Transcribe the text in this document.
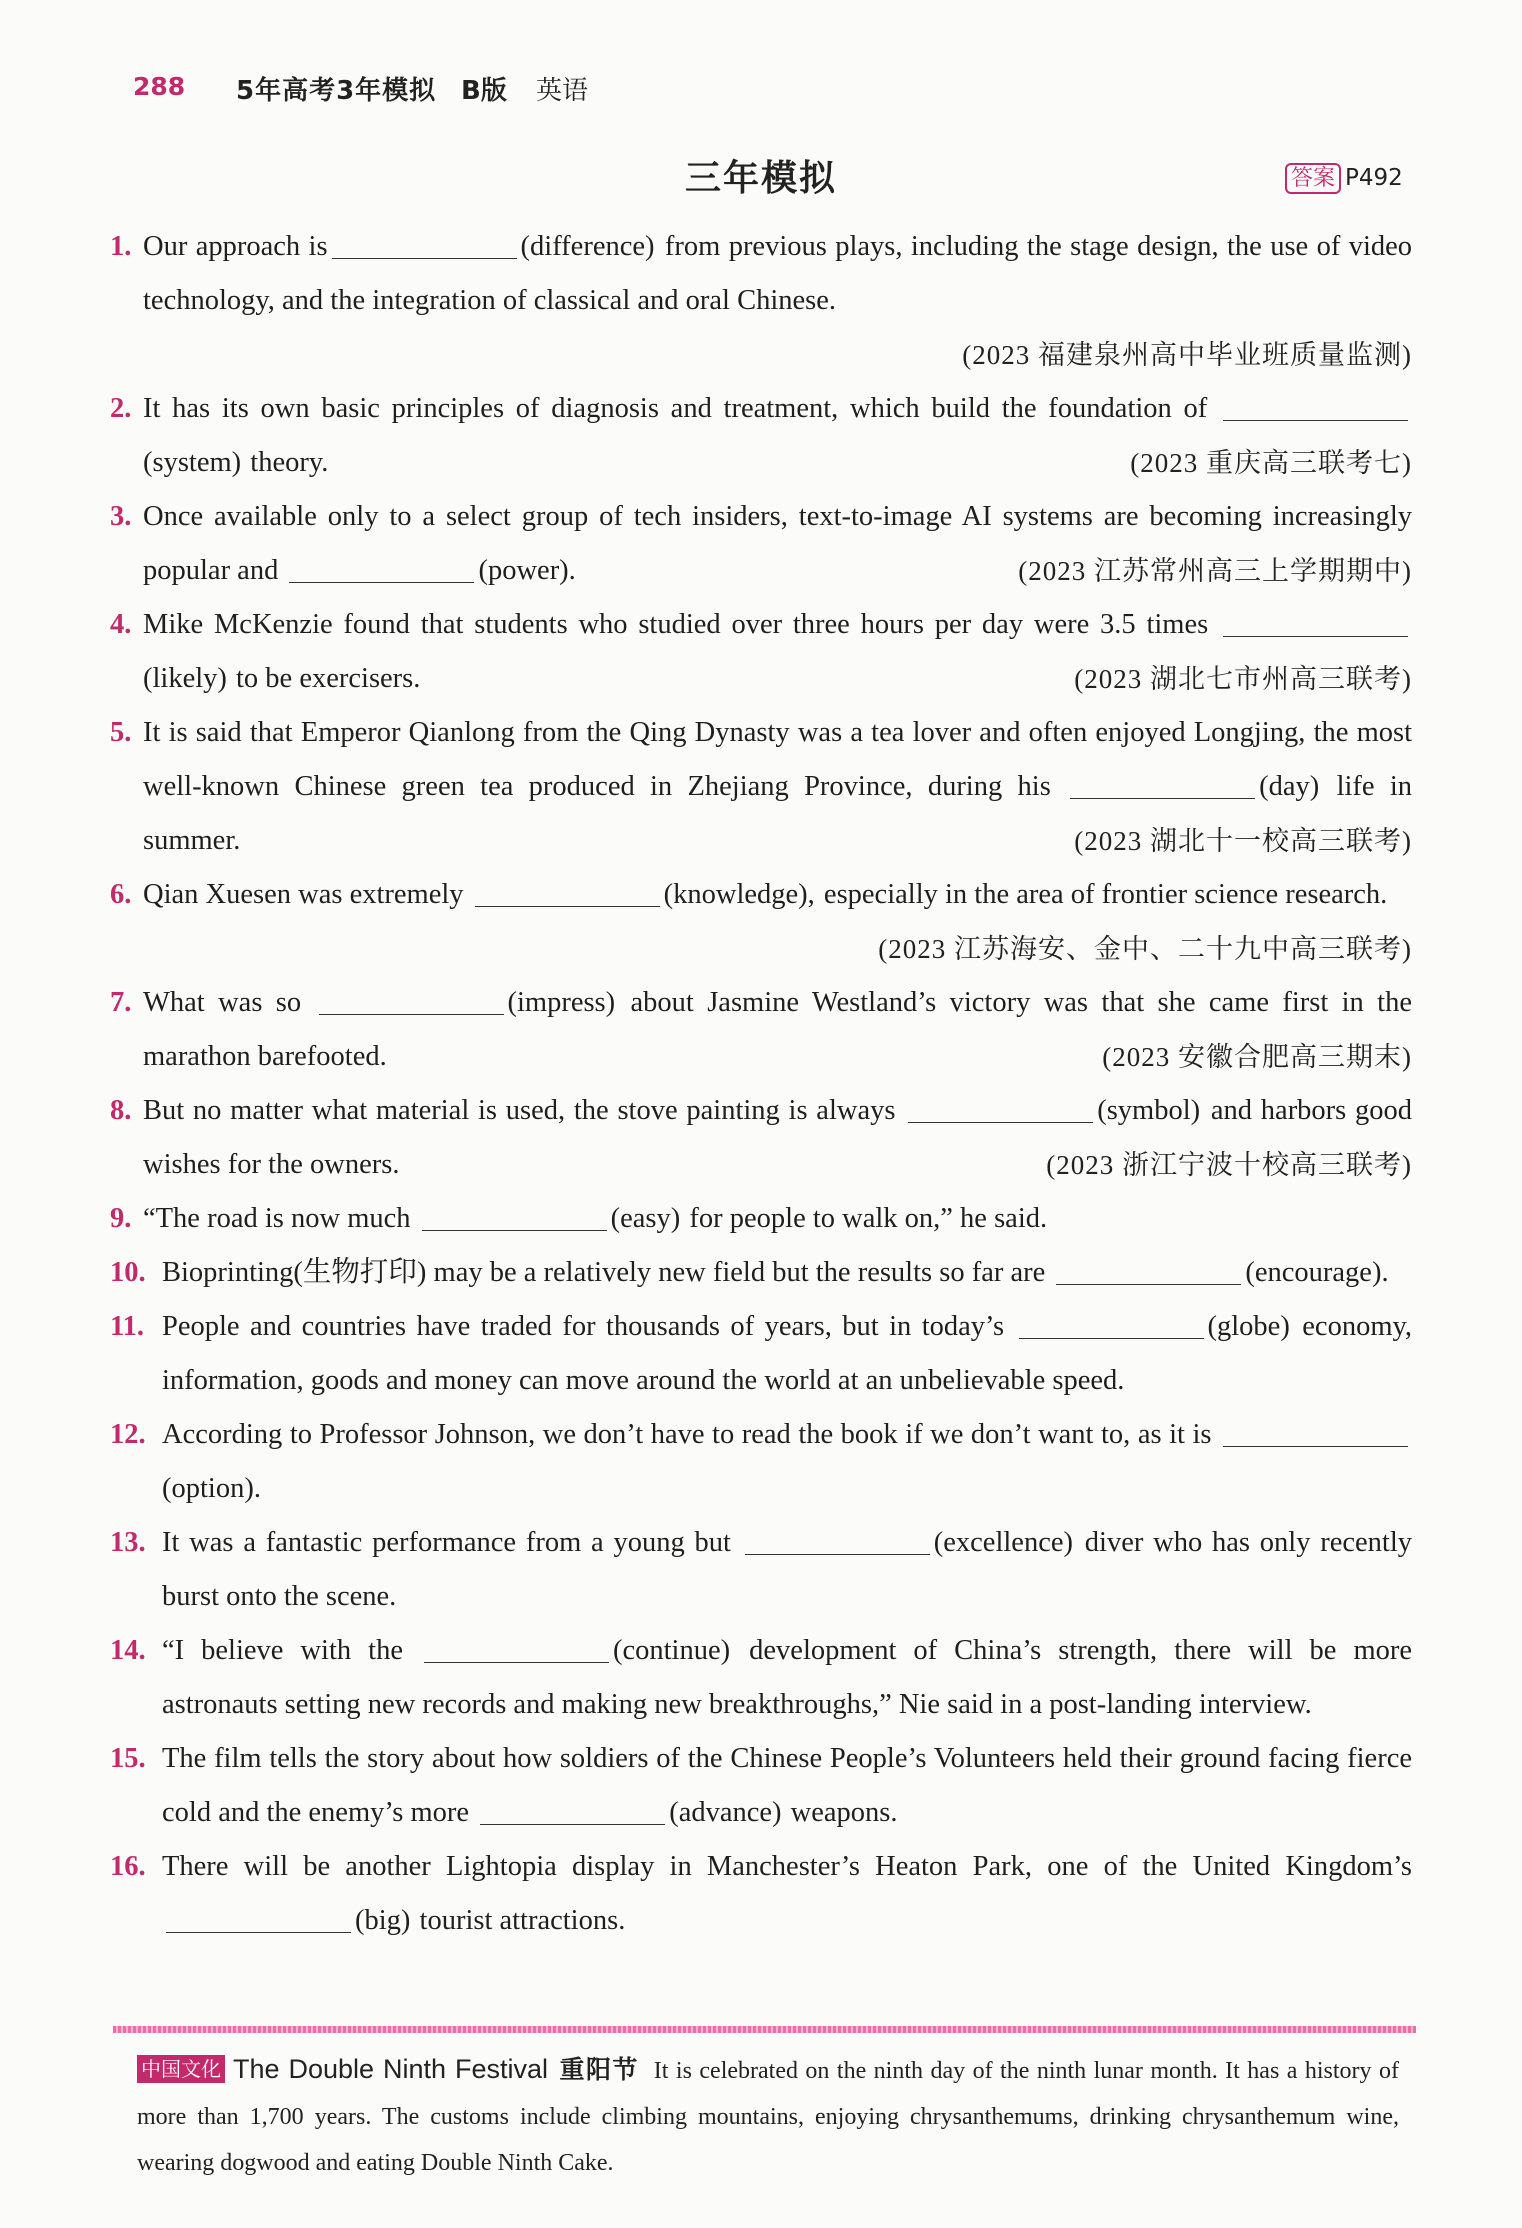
288 5年高考3年模拟 B版 英语
三年模拟	答案 P492
1. Our approach is	(difference) from previous plays, including the stage design, the use of video technology, and the integration of classical and oral Chinese.
(2023 福建泉州高中毕业班质量监测)
2. It has its own basic principles of diagnosis and treatment, which build the foundation of (system) theory.	(2023 重庆高三联考七)
3. Once available only to a select group of tech insiders, text-to-image AI systems are becoming increasingly popular and	(power).	(2023 江苏常州高三上学期期中)
4. Mike McKenzie found that students who studied over three hours per day were 3.5 times (likely) to be exercisers.	(2023 湖北七市州高三联考)
5. It is said that Emperor Qianlong from the Qing Dynasty was a tea lover and often enjoyed Longjing, the most well-known Chinese green tea produced in Zhejiang Province, during his	(day) life in summer.	(2023 湖北十一校高三联考)
6. Qian Xuesen was extremely	(knowledge), especially in the area of frontier science research.
(2023 江苏海安、金中、二十九中高三联考)
7. What was so	(impress) about Jasmine Westland’s victory was that she came first in the marathon barefooted.	(2023 安徽合肥高三期末)
8. But no matter what material is used, the stove painting is always	(symbol) and harbors good wishes for the owners.	(2023 浙江宁波十校高三联考)
9. “The road is now much	(easy) for people to walk on,” he said.
10. Bioprinting(生物打印) may be a relatively new field but the results so far are	(encourage).
11. People and countries have traded for thousands of years, but in today’s	(globe) economy, information, goods and money can move around the world at an unbelievable speed.
12. According to Professor Johnson, we don’t have to read the book if we don’t want to, as it is (option).
13. It was a fantastic performance from a young but	(excellence) diver who has only recently burst onto the scene.
14. “I believe with the	(continue) development of China’s strength, there will be more astronauts setting new records and making new breakthroughs,” Nie said in a post-landing interview.
15. The film tells the story about how soldiers of the Chinese People’s Volunteers held their ground facing fierce cold and the enemy’s more	(advance) weapons.
16. There will be another Lightopia display in Manchester’s Heaton Park, one of the United Kingdom’s (big) tourist attractions.
中国文化 The Double Ninth Festival 重阳节 It is celebrated on the ninth day of the ninth lunar month. It has a history of more than 1,700 years. The customs include climbing mountains, enjoying chrysanthemums, drinking chrysanthemum wine, wearing dogwood and eating Double Ninth Cake.
